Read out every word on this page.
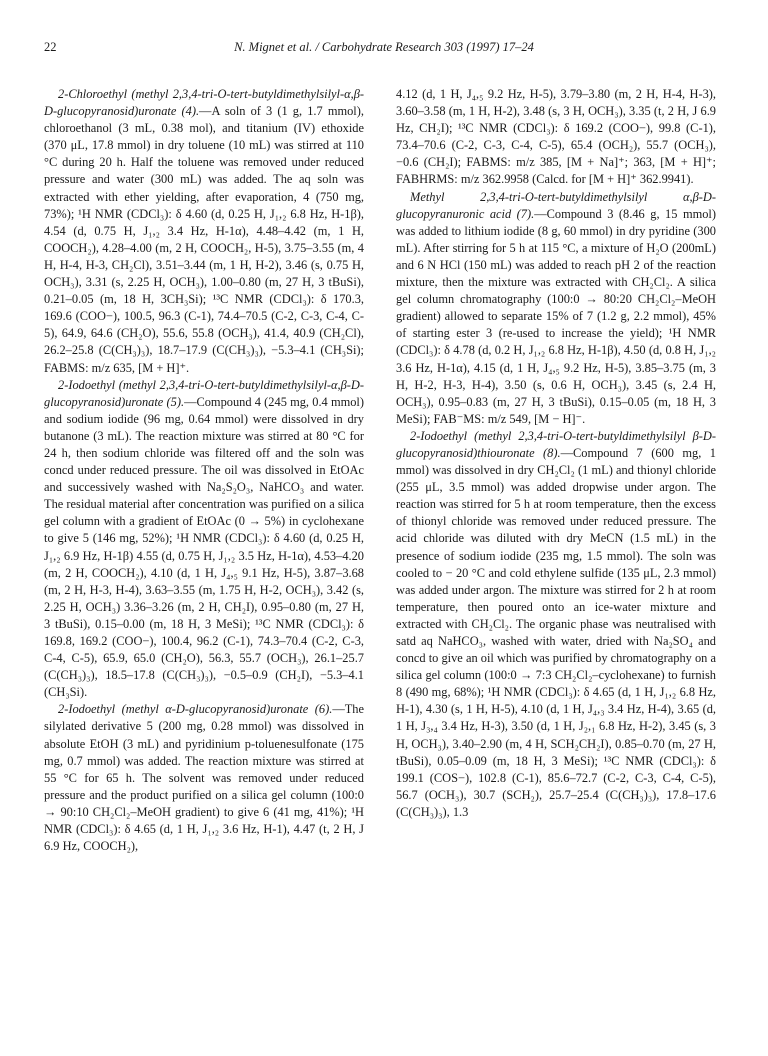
22	N. Mignet et al. / Carbohydrate Research 303 (1997) 17–24

2-Chloroethyl (methyl 2,3,4-tri-O-tert-butyldimethylsilyl-α,β-D-glucopyranosid)uronate (4).—A soln of 3 (1 g, 1.7 mmol), chloroethanol (3 mL, 0.38 mol), and titanium (IV) ethoxide (370 μL, 17.8 mmol) in dry toluene (10 mL) was stirred at 110 °C during 20 h. Half the toluene was removed under reduced pressure and water (300 mL) was added. The aq soln was extracted with ether yielding, after evaporation, 4 (750 mg, 73%); ¹H NMR (CDCl₃): δ 4.60 (d, 0.25 H, J₁,₂ 6.8 Hz, H-1β), 4.54 (d, 0.75 H, J₁,₂ 3.4 Hz, H-1α), 4.48–4.42 (m, 1 H, COOCH₂), 4.28–4.00 (m, 2 H, COOCH₂, H-5), 3.75–3.55 (m, 4 H, H-4, H-3, CH₂Cl), 3.51–3.44 (m, 1 H, H-2), 3.46 (s, 0.75 H, OCH₃), 3.31 (s, 2.25 H, OCH₃), 1.00–0.80 (m, 27 H, 3 tBuSi), 0.21–0.05 (m, 18 H, 3CH₃Si); ¹³C NMR (CDCl₃): δ 170.3, 169.6 (COO−), 100.5, 96.3 (C-1), 74.4–70.5 (C-2, C-3, C-4, C-5), 64.9, 64.6 (CH₂O), 55.6, 55.8 (OCH₃), 41.4, 40.9 (CH₂Cl), 26.2–25.8 (C(CH₃)₃), 18.7–17.9 (C(CH₃)₃), −5.3–4.1 (CH₃Si); FABMS: m/z 635, [M + H]⁺.

2-Iodoethyl (methyl 2,3,4-tri-O-tert-butyldimethylsilyl-α,β-D-glucopyranosid)uronate (5).—Compound 4 (245 mg, 0.4 mmol) and sodium iodide (96 mg, 0.64 mmol) were dissolved in dry butanone (3 mL). The reaction mixture was stirred at 80 °C for 24 h, then sodium chloride was filtered off and the soln was concd under reduced pressure. The oil was dissolved in EtOAc and successively washed with Na₂S₂O₃, NaHCO₃ and water. The residual material after concentration was purified on a silica gel column with a gradient of EtOAc (0 → 5%) in cyclohexane to give 5 (146 mg, 52%); ¹H NMR (CDCl₃): δ 4.60 (d, 0.25 H, J₁,₂ 6.9 Hz, H-1β) 4.55 (d, 0.75 H, J₁,₂ 3.5 Hz, H-1α), 4.53–4.20 (m, 2 H, COOCH₂), 4.10 (d, 1 H, J₄,₅ 9.1 Hz, H-5), 3.87–3.68 (m, 2 H, H-3, H-4), 3.63–3.55 (m, 1.75 H, H-2, OCH₃), 3.42 (s, 2.25 H, OCH₃) 3.36–3.26 (m, 2 H, CH₂I), 0.95–0.80 (m, 27 H, 3 tBuSi), 0.15–0.00 (m, 18 H, 3 MeSi); ¹³C NMR (CDCl₃): δ 169.8, 169.2 (COO−), 100.4, 96.2 (C-1), 74.3–70.4 (C-2, C-3, C-4, C-5), 65.9, 65.0 (CH₂O), 56.3, 55.7 (OCH₃), 26.1–25.7 (C(CH₃)₃), 18.5–17.8 (C(CH₃)₃), −0.5–0.9 (CH₂I), −5.3–4.1 (CH₃Si).

2-Iodoethyl (methyl α-D-glucopyranosid)uronate (6).—The silylated derivative 5 (200 mg, 0.28 mmol) was dissolved in absolute EtOH (3 mL) and pyridinium p-toluenesulfonate (175 mg, 0.7 mmol) was added. The reaction mixture was stirred at 55 °C for 65 h. The solvent was removed under reduced pressure and the product purified on a silica gel column (100:0 → 90:10 CH₂Cl₂–MeOH gradient) to give 6 (41 mg, 41%); ¹H NMR (CDCl₃): δ 4.65 (d, 1 H, J₁,₂ 3.6 Hz, H-1), 4.47 (t, 2 H, J 6.9 Hz, COOCH₂),

4.12 (d, 1 H, J₄,₅ 9.2 Hz, H-5), 3.79–3.80 (m, 2 H, H-4, H-3), 3.60–3.58 (m, 1 H, H-2), 3.48 (s, 3 H, OCH₃), 3.35 (t, 2 H, J 6.9 Hz, CH₂I); ¹³C NMR (CDCl₃): δ 169.2 (COO−), 99.8 (C-1), 73.4–70.6 (C-2, C-3, C-4, C-5), 65.4 (OCH₂), 55.7 (OCH₃), −0.6 (CH₂I); FABMS: m/z 385, [M + Na]⁺; 363, [M + H]⁺; FABHRMS: m/z 362.9958 (Calcd. for [M + H]⁺ 362.9941).

Methyl 2,3,4-tri-O-tert-butyldimethylsilyl α,β-D-glucopyranuronic acid (7).—Compound 3 (8.46 g, 15 mmol) was added to lithium iodide (8 g, 60 mmol) in dry pyridine (300 mL). After stirring for 5 h at 115 °C, a mixture of H₂O (200mL) and 6 N HCl (150 mL) was added to reach pH 2 of the reaction mixture, then the mixture was extracted with CH₂Cl₂. A silica gel column chromatography (100:0 → 80:20 CH₂Cl₂–MeOH gradient) allowed to separate 15% of 7 (1.2 g, 2.2 mmol), 45% of starting ester 3 (re-used to increase the yield); ¹H NMR (CDCl₃): δ 4.78 (d, 0.2 H, J₁,₂ 6.8 Hz, H-1β), 4.50 (d, 0.8 H, J₁,₂ 3.6 Hz, H-1α), 4.15 (d, 1 H, J₄,₅ 9.2 Hz, H-5), 3.85–3.75 (m, 3 H, H-2, H-3, H-4), 3.50 (s, 0.6 H, OCH₃), 3.45 (s, 2.4 H, OCH₃), 0.95–0.83 (m, 27 H, 3 tBuSi), 0.15–0.05 (m, 18 H, 3 MeSi); FAB⁻MS: m/z 549, [M − H]⁻.

2-Iodoethyl (methyl 2,3,4-tri-O-tert-butyldimethylsilyl β-D-glucopyranosid)thiouronate (8).—Compound 7 (600 mg, 1 mmol) was dissolved in dry CH₂Cl₂ (1 mL) and thionyl chloride (255 μL, 3.5 mmol) was added dropwise under argon. The reaction was stirred for 5 h at room temperature, then the excess of thionyl chloride was removed under reduced pressure. The acid chloride was diluted with dry MeCN (1.5 mL) in the presence of sodium iodide (235 mg, 1.5 mmol). The soln was cooled to − 20 °C and cold ethylene sulfide (135 μL, 2.3 mmol) was added under argon. The mixture was stirred for 2 h at room temperature, then poured onto an ice-water mixture and extracted with CH₂Cl₂. The organic phase was neutralised with satd aq NaHCO₃, washed with water, dried with Na₂SO₄ and concd to give an oil which was purified by chromatography on a silica gel column (100:0 → 7:3 CH₂Cl₂–cyclohexane) to furnish 8 (490 mg, 68%); ¹H NMR (CDCl₃): δ 4.65 (d, 1 H, J₁,₂ 6.8 Hz, H-1), 4.30 (s, 1 H, H-5), 4.10 (d, 1 H, J₄,₃ 3.4 Hz, H-4), 3.65 (d, 1 H, J₃,₄ 3.4 Hz, H-3), 3.50 (d, 1 H, J₂,₁ 6.8 Hz, H-2), 3.45 (s, 3 H, OCH₃), 3.40–2.90 (m, 4 H, SCH₂CH₂I), 0.85–0.70 (m, 27 H, tBuSi), 0.05–0.09 (m, 18 H, 3 MeSi); ¹³C NMR (CDCl₃): δ 199.1 (COS−), 102.8 (C-1), 85.6–72.7 (C-2, C-3, C-4, C-5), 56.7 (OCH₃), 30.7 (SCH₂), 25.7–25.4 (C(CH₃)₃), 17.8–17.6 (C(CH₃)₃), 1.3
